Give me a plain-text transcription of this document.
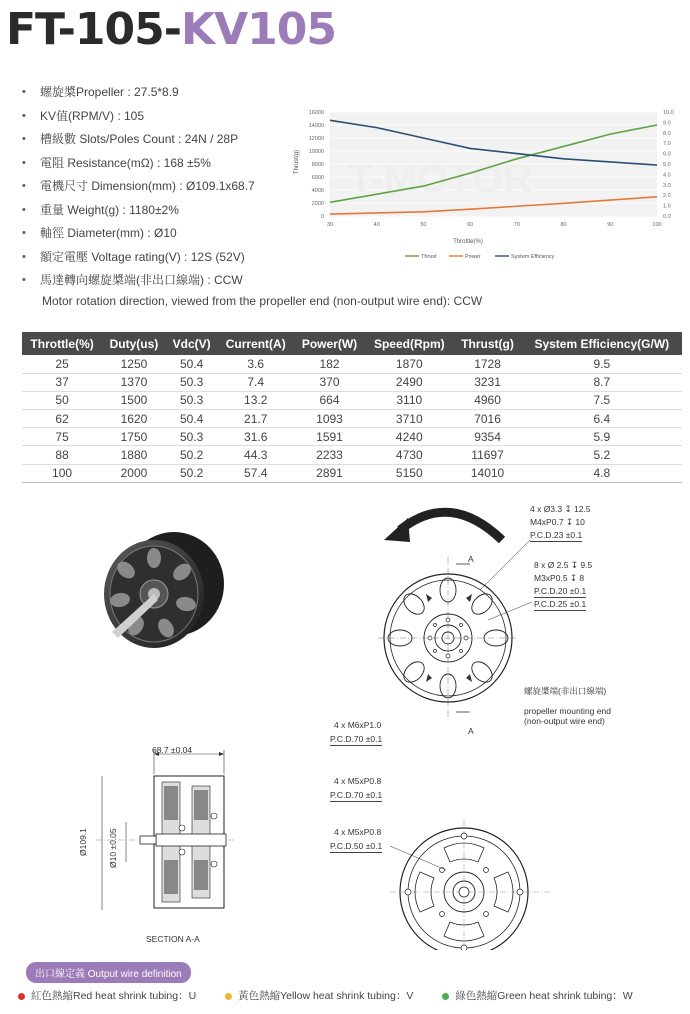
FT-105-KV105
• 螺旋槳Propeller : 27.5*8.9
• KV值(RPM/V) : 105
• 槽級數 Slots/Poles Count : 24N / 28P
• 電阻 Resistance(mΩ) : 168 ±5%
• 電機尺寸 Dimension(mm) : Ø109.1x68.7
• 重量 Weight(g) : 1180±2%
• 軸徑 Diameter(mm) : Ø10
• 額定電壓 Voltage rating(V) : 12S (52V)
• 馬達轉向螺旋槳端(非出口線端) : CCW
Motor rotation direction, viewed from the propeller end (non-output wire end): CCW
T-MOTOR
0
2000
4000
6000
8000
10000
12000
14000
16000
0.0
1.0
2.0
3.0
4.0
5.0
6.0
7.0
8.0
9.0
10.0
30	40	50	60	70	80	90	100
Throttle(%)
Thrust(g)
Thrust	Power	System Efficiency
Throttle(%)	Duty(us)	Vdc(V)	Current(A)	Power(W)	Speed(Rpm)	Thrust(g)	System Efficiency(G/W)
25	1250	50.4	3.6	182	1870	1728	9.5
37	1370	50.3	7.4	370	2490	3231	8.7
50	1500	50.3	13.2	664	3110	4960	7.5
62	1620	50.4	21.7	1093	3710	7016	6.4
75	1750	50.3	31.6	1591	4240	9354	5.9
88	1880	50.2	44.3	2233	4730	11697	5.2
100	2000	50.2	57.4	2891	5150	14010	4.8
A
A
4 x Ø3.3 ↧ 12.5
M4xP0.7 ↧ 10
P.C.D.23 ±0.1
8 x Ø 2.5 ↧ 9.5
M3xP0.5 ↧ 8
P.C.D.20 ±0.1
P.C.D.25 ±0.1
螺旋槳端(非出口線端)
propeller mounting end
(non-output wire end)
68.7 ±0.04
Ø109.1 Ø10 ±0.05
SECTION A-A
4 x M6xP1.0
P.C.D.70 ±0.1
4 x M5xP0.8
P.C.D.70 ±0.1
4 x M5xP0.8
P.C.D.50 ±0.1
出口線定義 Output wire definition
紅色熱縮Red heat shrink tubing：U	黃色熱縮Yellow heat shrink tubing：V	綠色熱縮Green heat shrink tubing：W
